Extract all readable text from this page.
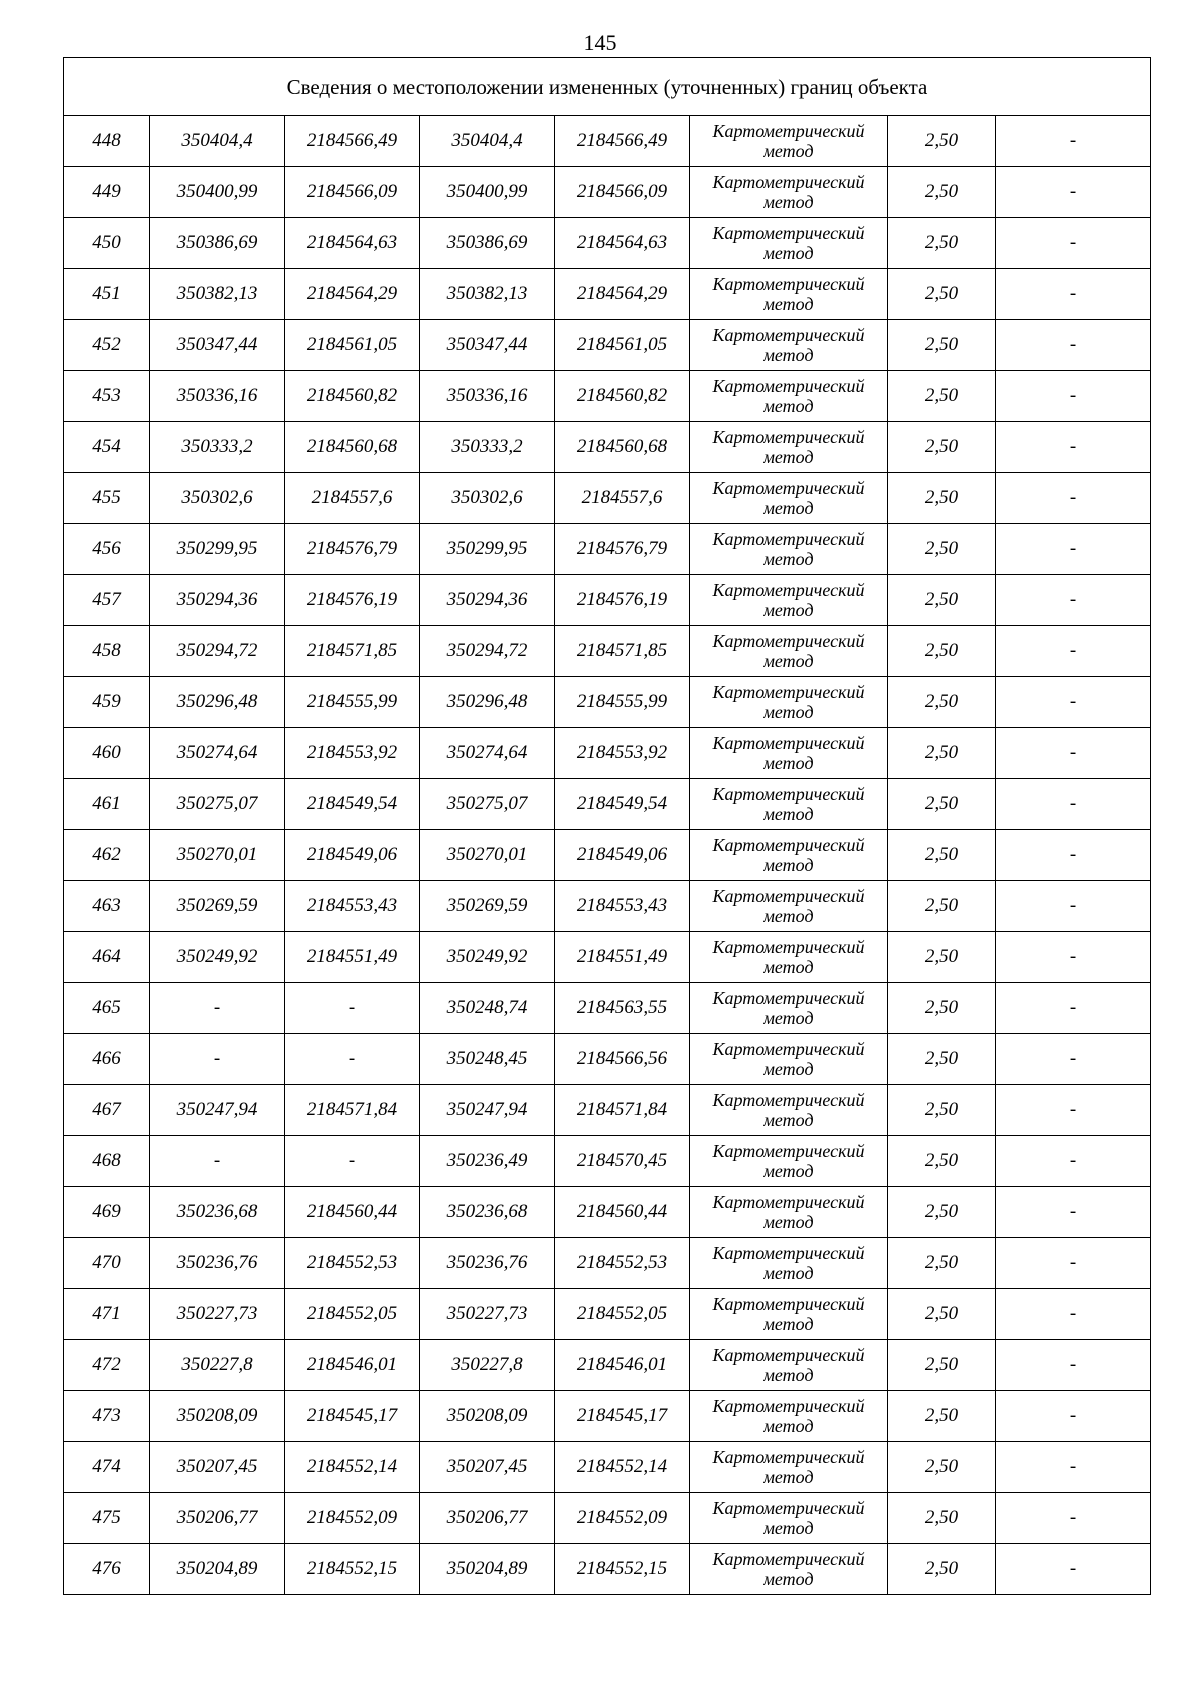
145
Сведения о местоположении измененных (уточненных) границ объекта							
448	350404,4	2184566,49	350404,4	2184566,49	Картометрический
метод	2,50	-
449	350400,99	2184566,09	350400,99	2184566,09	Картометрический
метод	2,50	-
450	350386,69	2184564,63	350386,69	2184564,63	Картометрический
метод	2,50	-
451	350382,13	2184564,29	350382,13	2184564,29	Картометрический
метод	2,50	-
452	350347,44	2184561,05	350347,44	2184561,05	Картометрический
метод	2,50	-
453	350336,16	2184560,82	350336,16	2184560,82	Картометрический
метод	2,50	-
454	350333,2	2184560,68	350333,2	2184560,68	Картометрический
метод	2,50	-
455	350302,6	2184557,6	350302,6	2184557,6	Картометрический
метод	2,50	-
456	350299,95	2184576,79	350299,95	2184576,79	Картометрический
метод	2,50	-
457	350294,36	2184576,19	350294,36	2184576,19	Картометрический
метод	2,50	-
458	350294,72	2184571,85	350294,72	2184571,85	Картометрический
метод	2,50	-
459	350296,48	2184555,99	350296,48	2184555,99	Картометрический
метод	2,50	-
460	350274,64	2184553,92	350274,64	2184553,92	Картометрический
метод	2,50	-
461	350275,07	2184549,54	350275,07	2184549,54	Картометрический
метод	2,50	-
462	350270,01	2184549,06	350270,01	2184549,06	Картометрический
метод	2,50	-
463	350269,59	2184553,43	350269,59	2184553,43	Картометрический
метод	2,50	-
464	350249,92	2184551,49	350249,92	2184551,49	Картометрический
метод	2,50	-
465	-	-	350248,74	2184563,55	Картометрический
метод	2,50	-
466	-	-	350248,45	2184566,56	Картометрический
метод	2,50	-
467	350247,94	2184571,84	350247,94	2184571,84	Картометрический
метод	2,50	-
468	-	-	350236,49	2184570,45	Картометрический
метод	2,50	-
469	350236,68	2184560,44	350236,68	2184560,44	Картометрический
метод	2,50	-
470	350236,76	2184552,53	350236,76	2184552,53	Картометрический
метод	2,50	-
471	350227,73	2184552,05	350227,73	2184552,05	Картометрический
метод	2,50	-
472	350227,8	2184546,01	350227,8	2184546,01	Картометрический
метод	2,50	-
473	350208,09	2184545,17	350208,09	2184545,17	Картометрический
метод	2,50	-
474	350207,45	2184552,14	350207,45	2184552,14	Картометрический
метод	2,50	-
475	350206,77	2184552,09	350206,77	2184552,09	Картометрический
метод	2,50	-
476	350204,89	2184552,15	350204,89	2184552,15	Картометрический
метод	2,50	-
